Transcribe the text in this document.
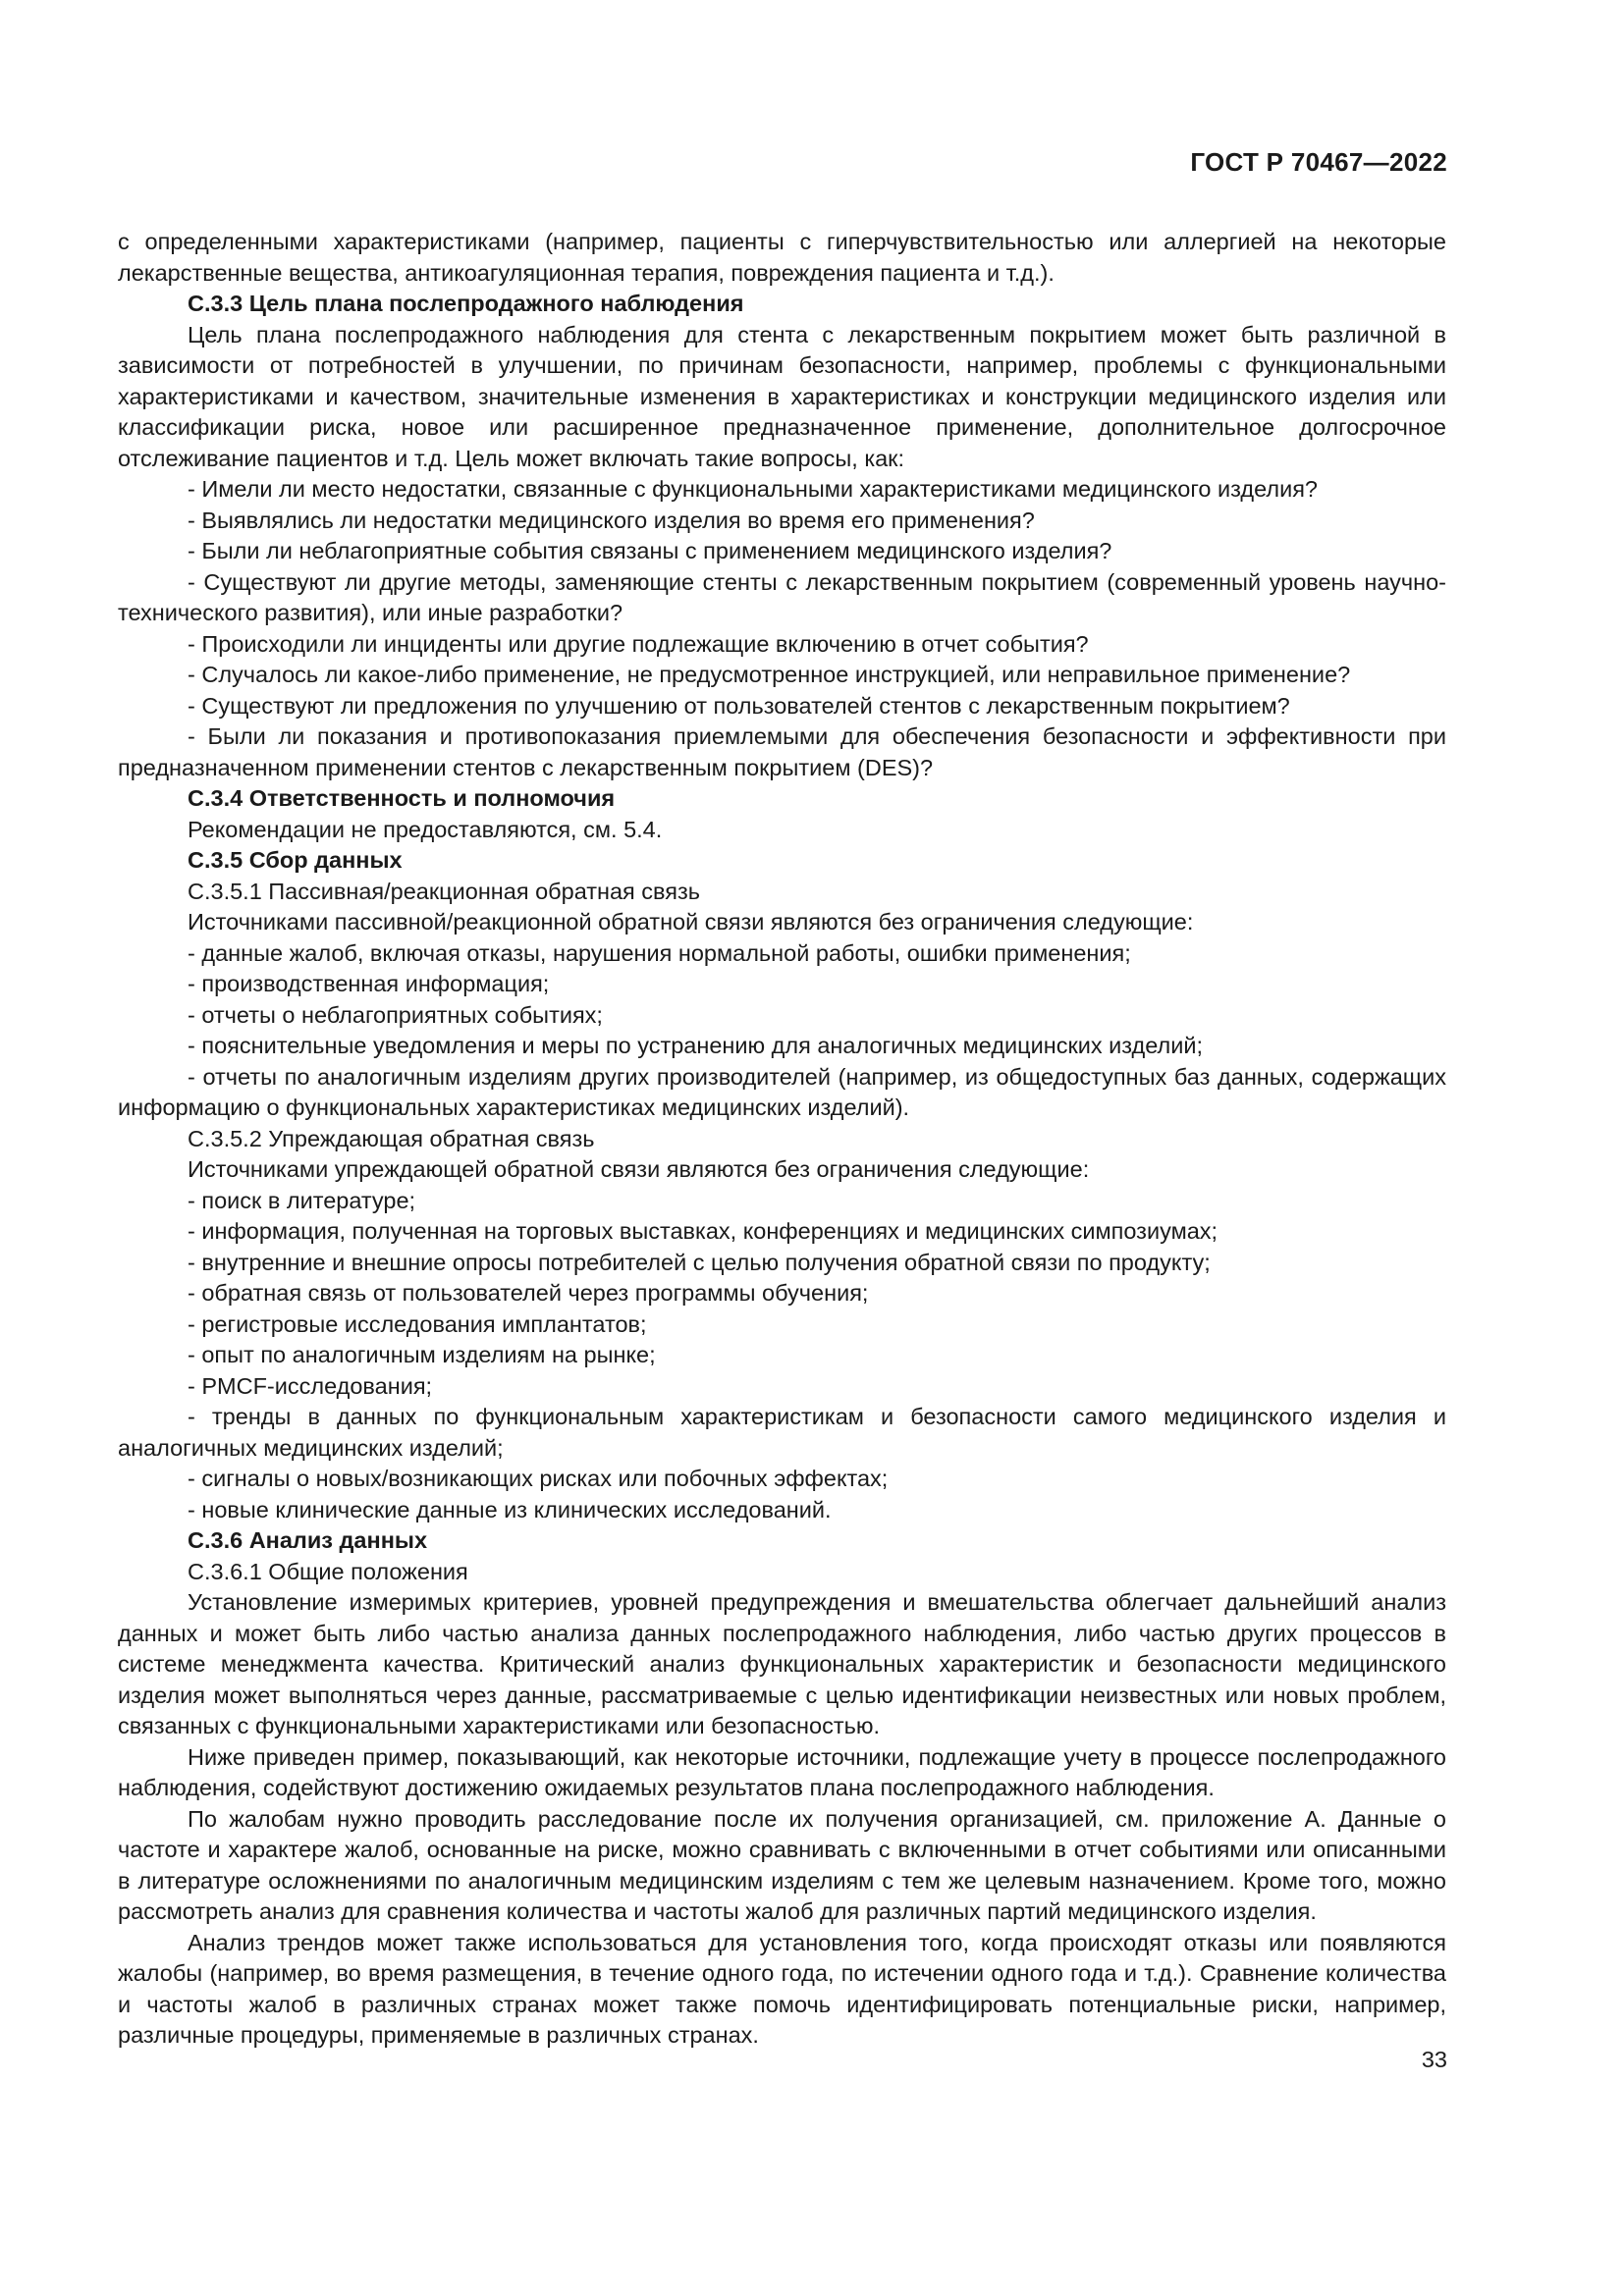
ГОСТ Р 70467—2022

с определенными характеристиками (например, пациенты с гиперчувствительностью или аллергией на некоторые лекарственные вещества, антикоагуляционная терапия, повреждения пациента и т.д.).

С.3.3 Цель плана послепродажного наблюдения

Цель плана послепродажного наблюдения для стента с лекарственным покрытием может быть различной в зависимости от потребностей в улучшении, по причинам безопасности, например, проблемы с функциональными характеристиками и качеством, значительные изменения в характеристиках и конструкции медицинского изделия или классификации риска, новое или расширенное предназначенное применение, дополнительное долгосрочное отслеживание пациентов и т.д. Цель может включать такие вопросы, как:

- Имели ли место недостатки, связанные с функциональными характеристиками медицинского изделия?

- Выявлялись ли недостатки медицинского изделия во время его применения?

- Были ли неблагоприятные события связаны с применением медицинского изделия?

- Существуют ли другие методы, заменяющие стенты с лекарственным покрытием (современный уровень научно-технического развития), или иные разработки?

- Происходили ли инциденты или другие подлежащие включению в отчет события?

- Случалось ли какое-либо применение, не предусмотренное инструкцией, или неправильное применение?

- Существуют ли предложения по улучшению от пользователей стентов с лекарственным покрытием?

- Были ли показания и противопоказания приемлемыми для обеспечения безопасности и эффективности при предназначенном применении стентов с лекарственным покрытием (DES)?

С.3.4 Ответственность и полномочия

Рекомендации не предоставляются, см. 5.4.

С.3.5 Сбор данных

С.3.5.1 Пассивная/реакционная обратная связь

Источниками пассивной/реакционной обратной связи являются без ограничения следующие:

- данные жалоб, включая отказы, нарушения нормальной работы, ошибки применения;

- производственная информация;

- отчеты о неблагоприятных событиях;

- пояснительные уведомления и меры по устранению для аналогичных медицинских изделий;

- отчеты по аналогичным изделиям других производителей (например, из общедоступных баз данных, содержащих информацию о функциональных характеристиках медицинских изделий).

С.3.5.2 Упреждающая обратная связь

Источниками упреждающей обратной связи являются без ограничения следующие:

- поиск в литературе;

- информация, полученная на торговых выставках, конференциях и медицинских симпозиумах;

- внутренние и внешние опросы потребителей с целью получения обратной связи по продукту;

- обратная связь от пользователей через программы обучения;

- регистровые исследования имплантатов;

- опыт по аналогичным изделиям на рынке;

- PMCF-исследования;

- тренды в данных по функциональным характеристикам и безопасности самого медицинского изделия и аналогичных медицинских изделий;

- сигналы о новых/возникающих рисках или побочных эффектах;

- новые клинические данные из клинических исследований.

С.3.6 Анализ данных

С.3.6.1 Общие положения

Установление измеримых критериев, уровней предупреждения и вмешательства облегчает дальнейший анализ данных и может быть либо частью анализа данных послепродажного наблюдения, либо частью других процессов в системе менеджмента качества. Критический анализ функциональных характеристик и безопасности медицинского изделия может выполняться через данные, рассматриваемые с целью идентификации неизвестных или новых проблем, связанных с функциональными характеристиками или безопасностью.

Ниже приведен пример, показывающий, как некоторые источники, подлежащие учету в процессе послепродажного наблюдения, содействуют достижению ожидаемых результатов плана послепродажного наблюдения.

По жалобам нужно проводить расследование после их получения организацией, см. приложение А. Данные о частоте и характере жалоб, основанные на риске, можно сравнивать с включенными в отчет событиями или описанными в литературе осложнениями по аналогичным медицинским изделиям с тем же целевым назначением. Кроме того, можно рассмотреть анализ для сравнения количества и частоты жалоб для различных партий медицинского изделия.

Анализ трендов может также использоваться для установления того, когда происходят отказы или появляются жалобы (например, во время размещения, в течение одного года, по истечении одного года и т.д.). Сравнение количества и частоты жалоб в различных странах может также помочь идентифицировать потенциальные риски, например, различные процедуры, применяемые в различных странах.

33
